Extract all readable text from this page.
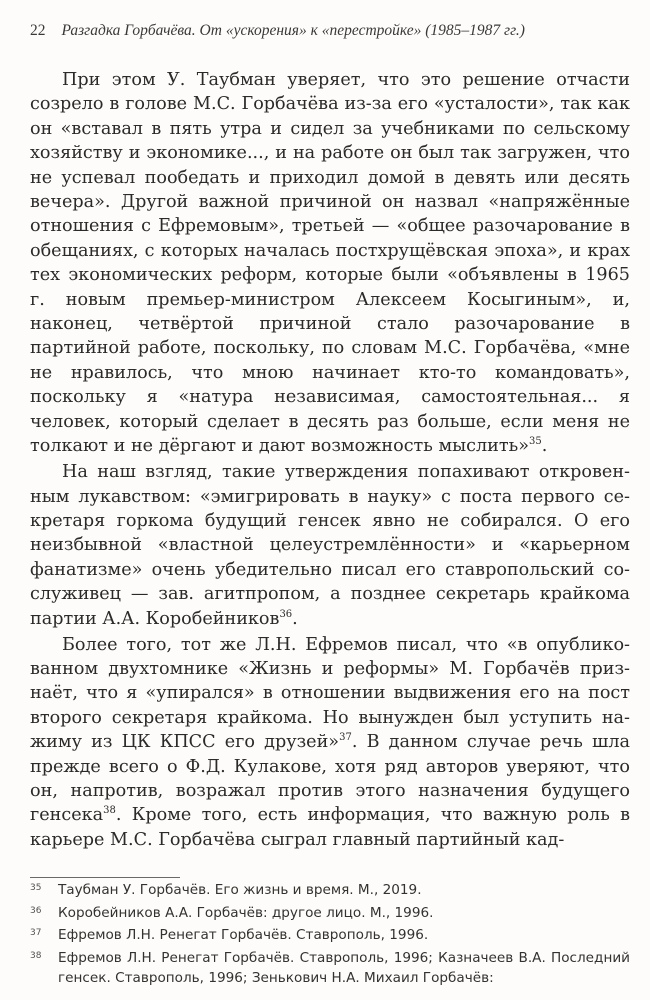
22 Разгадка Горбачёва. От «ускорения» к «перестройке» (1985–1987 гг.)

При этом У. Таубман уверяет, что это решение отчасти созрело в голове М.С. Горбачёва из-за его «усталости», так как он «вставал в пять утра и сидел за учебниками по сельскому хозяйству и экономике..., и на работе он был так загружен, что не успевал пообедать и приходил домой в девять или десять вечера». Другой важной причиной он назвал «напряжённые отношения с Ефремовым», третьей — «общее разочарование в обещаниях, с которых началась постхрущёвская эпоха», и крах тех экономических реформ, которые были «объявлены в 1965 г. новым премьер-министром Алексеем Косыгиным», и, наконец, четвёртой причиной стало разочарование в партийной работе, поскольку, по словам М.С. Горбачёва, «мне не нравилось, что мною начинает кто-то командовать», поскольку я «натура независимая, самостоятельная... я человек, который сделает в десять раз больше, если меня не толкают и не дёргают и дают возможность мыслить»$^{35}$.

На наш взгляд, такие утверждения попахивают откровенным лукавством: «эмигрировать в науку» с поста первого секретаря горкома будущий генсек явно не собирался. О его неизбывной «властной целеустремлённости» и «карьерном фанатизме» очень убедительно писал его ставропольский сослуживец — зав. агитпропом, а позднее секретарь крайкома партии А.А. Коробейников$^{36}$.

Более того, тот же Л.Н. Ефремов писал, что «в опубликованном двухтомнике «Жизнь и реформы» М. Горбачёв признаёт, что я «упирался» в отношении выдвижения его на пост второго секретаря крайкома. Но вынужден был уступить нажиму из ЦК КПСС его друзей»$^{37}$. В данном случае речь шла прежде всего о Ф.Д. Кулакове, хотя ряд авторов уверяют, что он, напротив, возражал против этого назначения будущего генсека$^{38}$. Кроме того, есть информация, что важную роль в карьере М.С. Горбачёва сыграл главный партийный кад-

35	Таубман У. Горбачёв. Его жизнь и время. М., 2019.
36	Коробейников А.А. Горбачёв: другое лицо. М., 1996.
37	Ефремов Л.Н. Ренегат Горбачёв. Ставрополь, 1996.
38	Ефремов Л.Н. Ренегат Горбачёв. Ставрополь, 1996; Казначеев В.А. Последний генсек. Ставрополь, 1996; Зенькович Н.А. Михаил Горбачёв:
